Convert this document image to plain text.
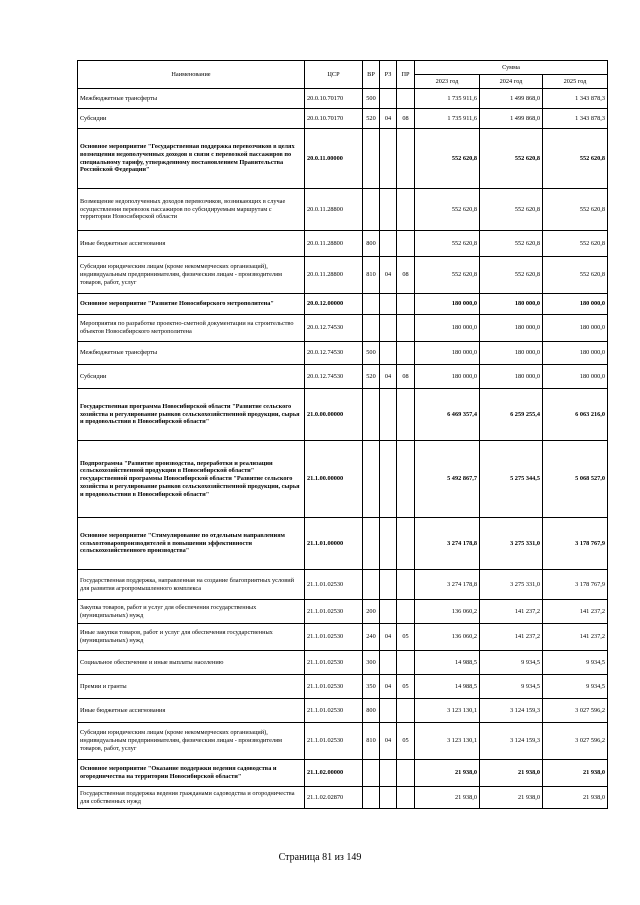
Наименование	ЦСР	ВР	РЗ	ПР	Сумма		
					2023 год	2024 год	2025 год
Межбюджетные трансферты	20.0.10.70170	500			1 735 911,6	1 499 868,0	1 343 878,3
Субсидии	20.0.10.70170	520	04	08	1 735 911,6	1 499 868,0	1 343 878,3
Основное мероприятие "Государственная поддержка перевозчиков в целях возмещения недополученных доходов в связи с перевозкой пассажиров по специальному тарифу, утвержденному постановлением Правительства Российской Федерации"	20.0.11.00000				552 620,8	552 620,8	552 620,8
Возмещение недополученных доходов перевозчиков, возникающих в случае осуществления перевозок пассажиров по субсидируемым маршрутам с территории Новосибирской области	20.0.11.28800				552 620,8	552 620,8	552 620,8
Иные бюджетные ассигнования	20.0.11.28800	800			552 620,8	552 620,8	552 620,8
Субсидии юридическим лицам (кроме некоммерческих организаций), индивидуальным предпринимателям, физическим лицам - производителям товаров, работ, услуг	20.0.11.28800	810	04	08	552 620,8	552 620,8	552 620,8
Основное мероприятие "Развитие Новосибирского метрополитена"	20.0.12.00000				180 000,0	180 000,0	180 000,0
Мероприятия по разработке проектно-сметной документации на строительство объектов Новосибирского метрополитена	20.0.12.74530				180 000,0	180 000,0	180 000,0
Межбюджетные трансферты	20.0.12.74530	500			180 000,0	180 000,0	180 000,0
Субсидии	20.0.12.74530	520	04	08	180 000,0	180 000,0	180 000,0
Государственная программа Новосибирской области "Развитие сельского хозяйства и регулирование рынков сельскохозяйственной продукции, сырья и продовольствия в Новосибирской области"	21.0.00.00000				6 469 357,4	6 259 255,4	6 063 216,0
Подпрограмма "Развитие производства, переработки и реализации сельскохозяйственной продукции в Новосибирской области" государственной программы Новосибирской области "Развитие сельского хозяйства и регулирование рынков сельскохозяйственной продукции, сырья и продовольствия в Новосибирской области"	21.1.00.00000				5 492 867,7	5 275 344,5	5 068 527,0
Основное мероприятие "Стимулирование по отдельным направлениям сельхозтоваропроизводителей в повышении эффективности сельскохозяйственного производства"	21.1.01.00000				3 274 178,8	3 275 331,0	3 178 767,9
Государственная поддержка, направленная на создание благоприятных условий для развития агропромышленного комплекса	21.1.01.02530				3 274 178,8	3 275 331,0	3 178 767,9
Закупка товаров, работ и услуг для обеспечения государственных (муниципальных) нужд	21.1.01.02530	200			136 060,2	141 237,2	141 237,2
Иные закупки товаров, работ и услуг для обеспечения государственных (муниципальных) нужд	21.1.01.02530	240	04	05	136 060,2	141 237,2	141 237,2
Социальное обеспечение и иные выплаты населению	21.1.01.02530	300			14 988,5	9 934,5	9 934,5
Премии и гранты	21.1.01.02530	350	04	05	14 988,5	9 934,5	9 934,5
Иные бюджетные ассигнования	21.1.01.02530	800			3 123 130,1	3 124 159,3	3 027 596,2
Субсидии юридическим лицам (кроме некоммерческих организаций), индивидуальным предпринимателям, физическим лицам - производителям товаров, работ, услуг	21.1.01.02530	810	04	05	3 123 130,1	3 124 159,3	3 027 596,2
Основное мероприятие "Оказание поддержки ведения садоводства и огородничества на территории Новосибирской области"	21.1.02.00000				21 938,0	21 938,0	21 938,0
Государственная поддержка ведения гражданами садоводства и огородничества для собственных нужд	21.1.02.02870				21 938,0	21 938,0	21 938,0
Страница 81 из 149
